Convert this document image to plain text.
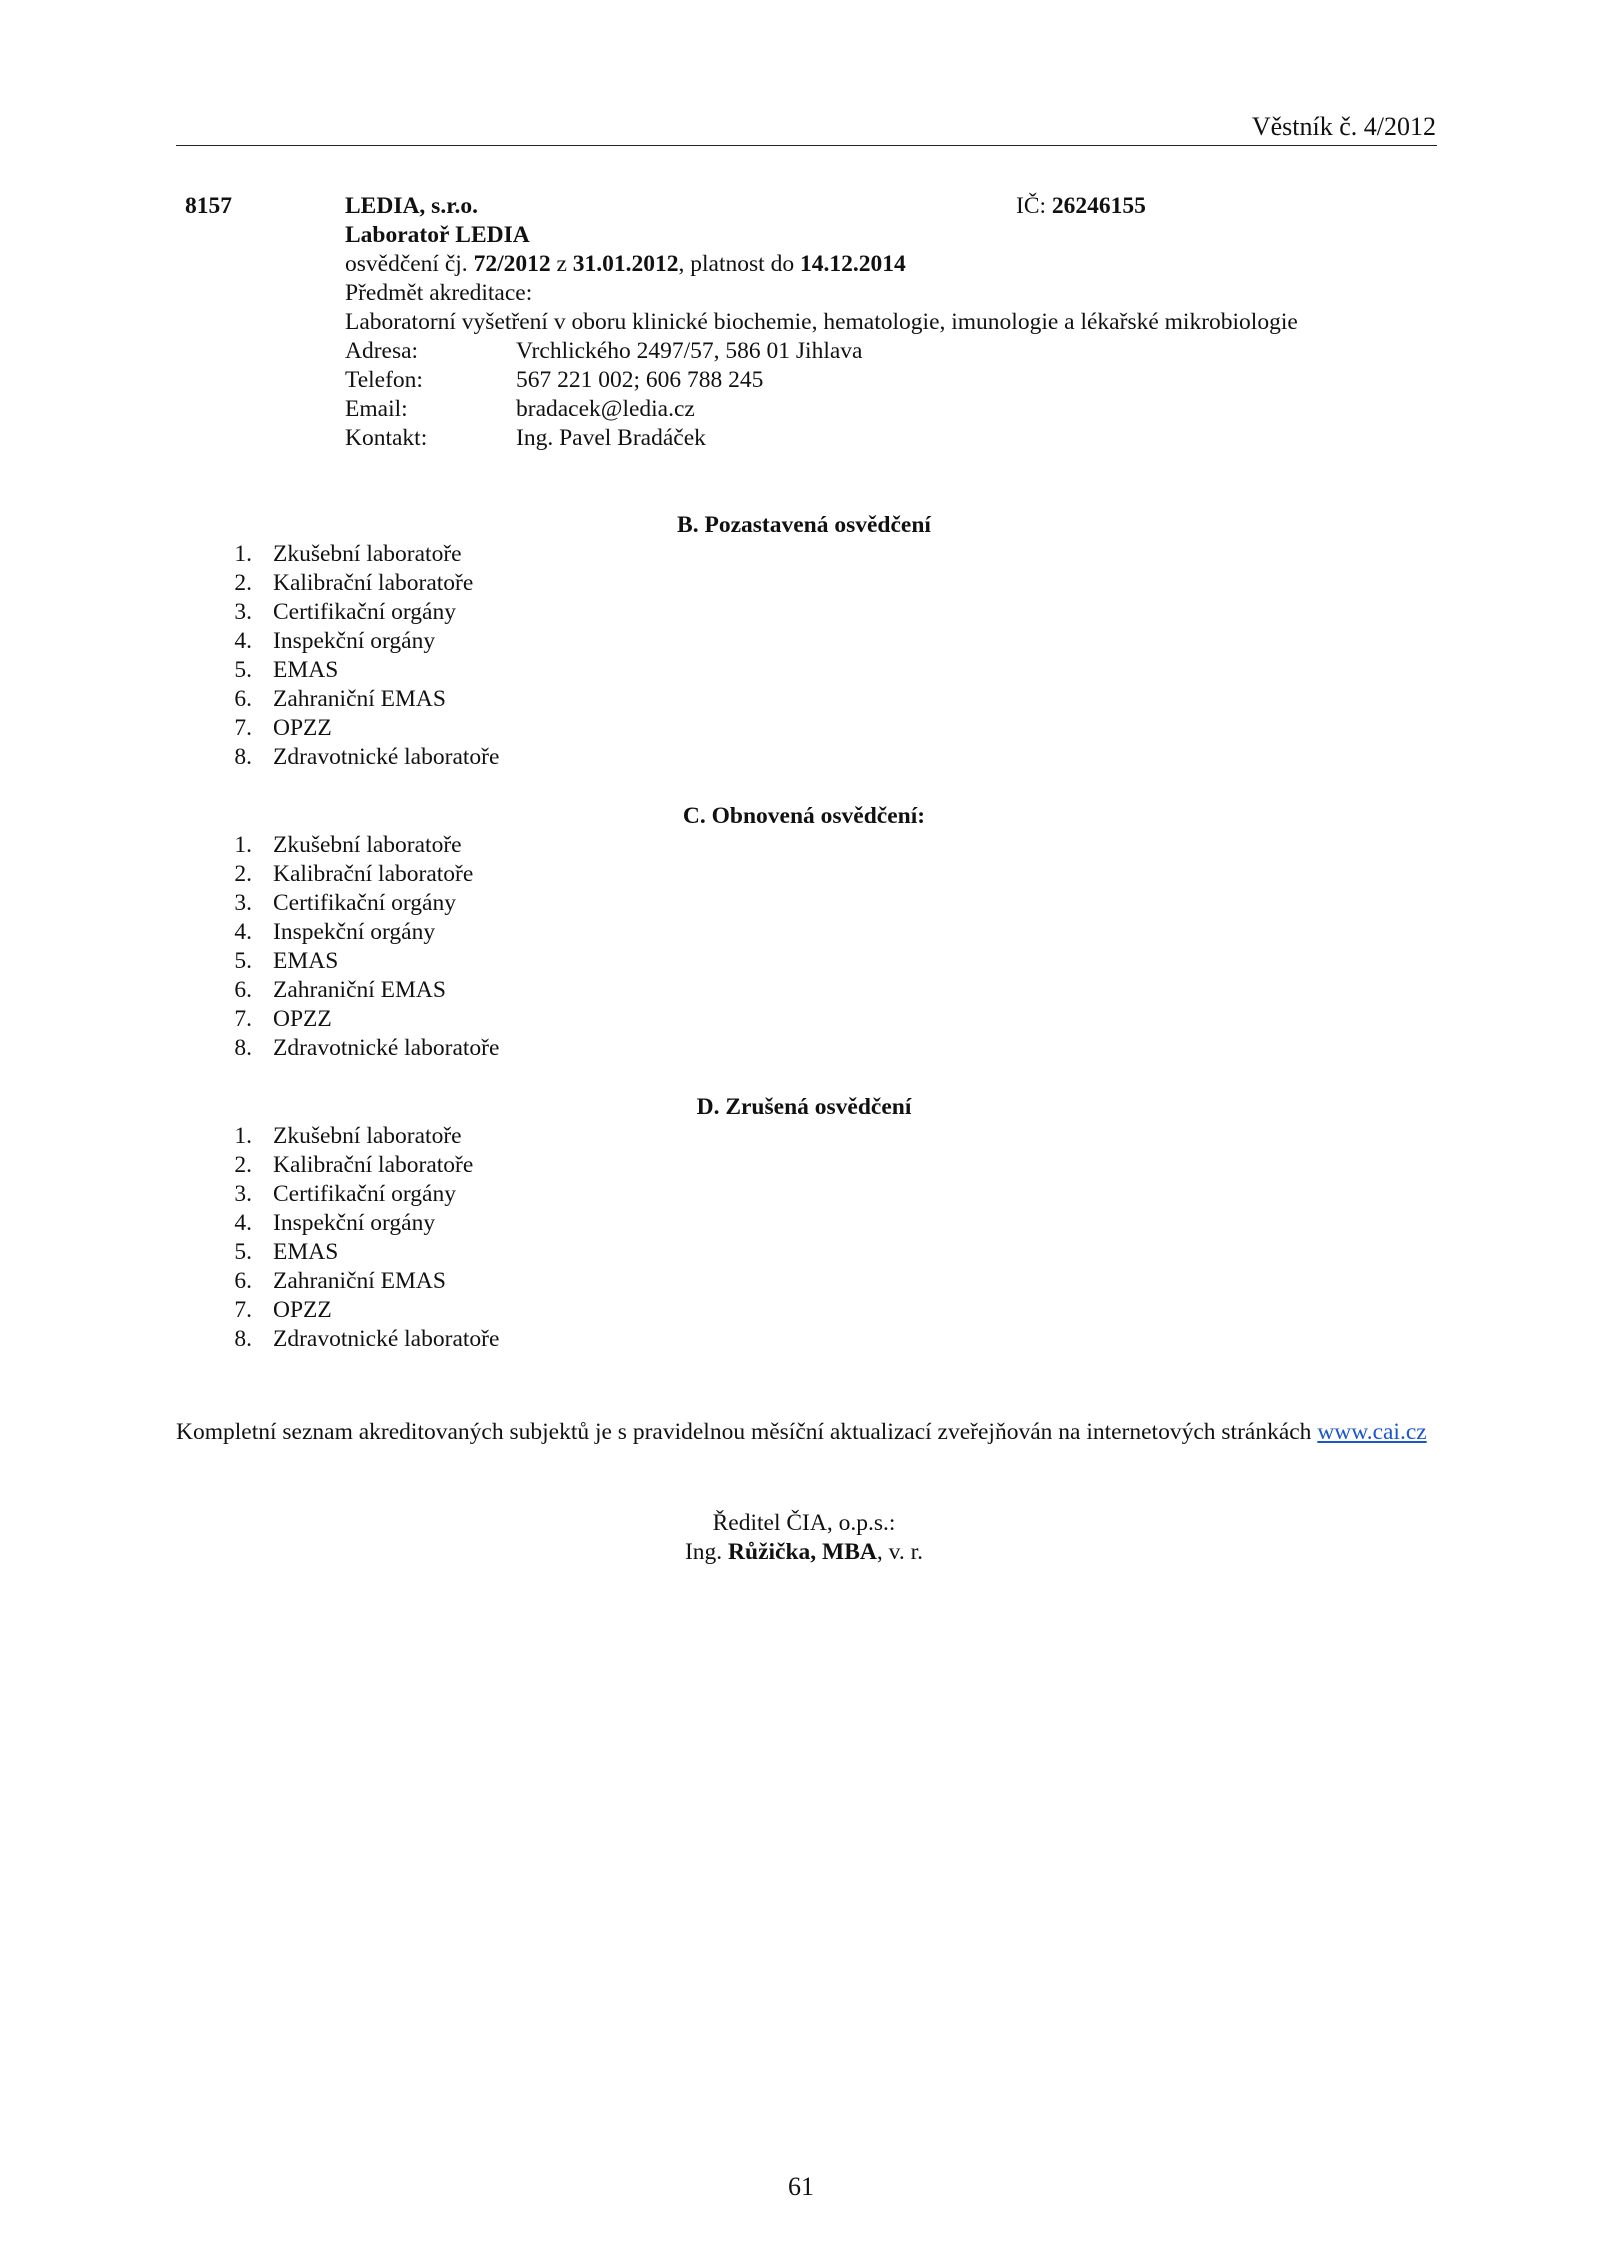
Věstník č. 4/2012
8157	LEDIA, s.r.o.	IČ: 26246155
Laboratoř LEDIA
osvědčení čj. 72/2012 z 31.01.2012, platnost do 14.12.2014
Předmět akreditace:
Laboratorní vyšetření v oboru klinické biochemie, hematologie, imunologie a lékařské mikrobiologie
Adresa:	Vrchlického 2497/57, 586 01 Jihlava
Telefon:	567 221 002; 606 788 245
Email:	bradacek@ledia.cz
Kontakt:	Ing. Pavel Bradáček
B. Pozastavená osvědčení
1. Zkušební laboratoře
2. Kalibrační laboratoře
3. Certifikační orgány
4. Inspekční orgány
5. EMAS
6. Zahraniční EMAS
7. OPZZ
8. Zdravotnické laboratoře
C. Obnovená osvědčení:
1. Zkušební laboratoře
2. Kalibrační laboratoře
3. Certifikační orgány
4. Inspekční orgány
5. EMAS
6. Zahraniční EMAS
7. OPZZ
8. Zdravotnické laboratoře
D. Zrušená osvědčení
1. Zkušební laboratoře
2. Kalibrační laboratoře
3. Certifikační orgány
4. Inspekční orgány
5. EMAS
6. Zahraniční EMAS
7. OPZZ
8. Zdravotnické laboratoře
Kompletní seznam akreditovaných subjektů je s pravidelnou měsíční aktualizací zveřejňován na internetových stránkách www.cai.cz
Ředitel ČIA, o.p.s.:
Ing. Růžička, MBA, v. r.
61
